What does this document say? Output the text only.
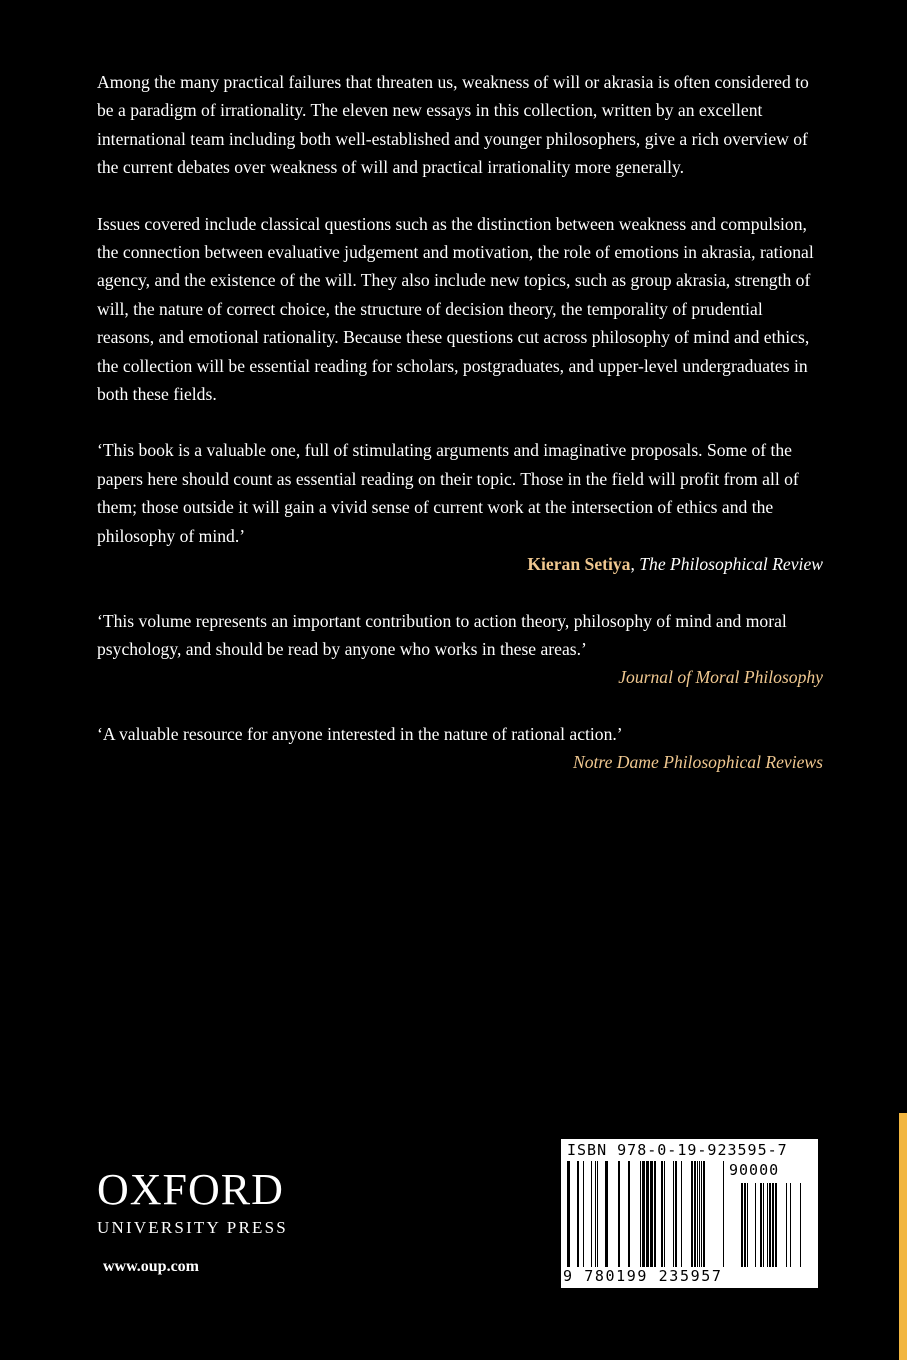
Among the many practical failures that threaten us, weakness of will or akrasia is often considered to be a paradigm of irrationality. The eleven new essays in this collection, written by an excellent international team including both well-established and younger philosophers, give a rich overview of the current debates over weakness of will and practical irrationality more generally.

Issues covered include classical questions such as the distinction between weakness and compulsion, the connection between evaluative judgement and motivation, the role of emotions in akrasia, rational agency, and the existence of the will. They also include new topics, such as group akrasia, strength of will, the nature of correct choice, the structure of decision theory, the temporality of prudential reasons, and emotional rationality. Because these questions cut across philosophy of mind and ethics, the collection will be essential reading for scholars, postgraduates, and upper-level undergraduates in both these fields.

‘This book is a valuable one, full of stimulating arguments and imaginative proposals. Some of the papers here should count as essential reading on their topic. Those in the field will profit from all of them; those outside it will gain a vivid sense of current work at the intersection of ethics and the philosophy of mind.’

Kieran Setiya, The Philosophical Review

‘This volume represents an important contribution to action theory, philosophy of mind and moral psychology, and should be read by anyone who works in these areas.’

Journal of Moral Philosophy

‘A valuable resource for anyone interested in the nature of rational action.’

Notre Dame Philosophical Reviews

OXFORD
UNIVERSITY PRESS
www.oup.com
ISBN 978-0-19-923595-7
90000
9 780199 235957
